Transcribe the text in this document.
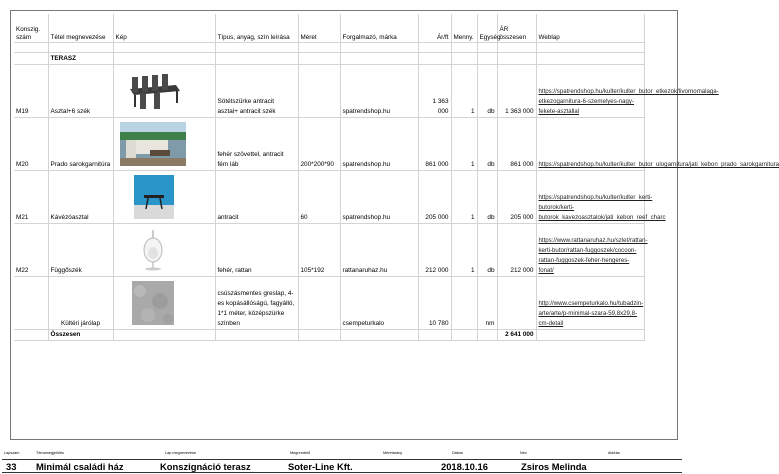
Konszig. szám	Tétel megnevezése	Kép	Típus, anyag, szín leírása	Méret	Forgalmazó, márka	Ár/ft	Menny.	Egység	ÁR összesen	Weblap

	TERASZ									
M19	Asztal+6 szék		Sötétszürke antracit asztal+ antracit szék		spatrendshop.hu	1 363 000	1	db	1 363 000	https://spatrendshop.hu/kulter/kulter_butor_etkezok/livornomalaga-etkezogarnitura-6-szemelyes-nagy-fekete-asztallal
M20	Prado sarokgarnitúra		fehér szövettel, antracit fém láb	200*200*90	spatrendshop.hu	861 000	1	db	861 000	https://spatrendshop.hu/kulter/kulter_butor_ulogarnitura/jati_kebon_prado_sarokgarnitura
M21	Kávézóasztal		antracit	60	spatrendshop.hu	205 000	1	db	205 000	https://spatrendshop.hu/kulter/kulter_kerti-butorok/kerti-butorok_kavezoasztalok/jati_kebon_reef_charc
M22	Függőszék		fehér, rattan	105*192	rattanaruhaz.hu	212 000	1	db	212 000	https://www.rattanaruhaz.hu/szlet/rattan-kerti-butor/rattan-fuggoszek/cocoon-rattan-fuggoszek-feher-hengeres-fonat/
	Kültéri járólap		csúszásmentes greslap, 4-es kopásállóságú, fagyálló, 1*1 méter, középszürke színben		csempeturkalo	10 780		nm		http://www.csempeturkalo.hu/tubadzin-arte/arte/p-minimal-szara-59,8x29,8-cm-detail
	Összesen								2 641 000	
Lapszám	Témamegjelölés	Lap megnevezése	Megrendelő	Méretarány	Dátum	Név	Aláírás
33 Minimál családi ház	Konszignáció terasz	Soter-Line Kft.	2018.10.16	Zsiros Melinda
